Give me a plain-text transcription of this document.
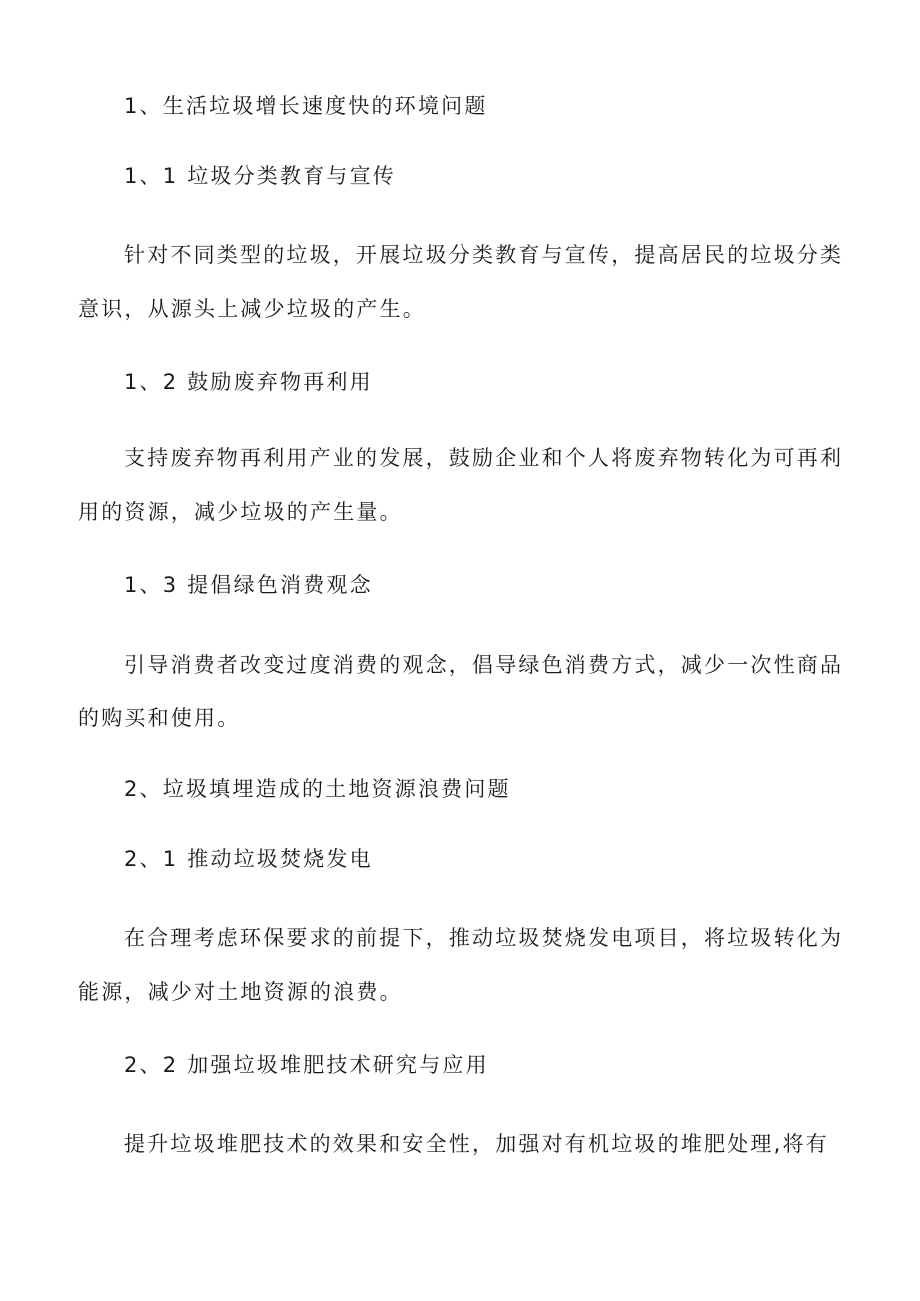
1、生活垃圾增长速度快的环境问题
1、1 垃圾分类教育与宣传
针对不同类型的垃圾，开展垃圾分类教育与宣传，提高居民的垃圾分类
意识，从源头上减少垃圾的产生。
1、2 鼓励废弃物再利用
支持废弃物再利用产业的发展，鼓励企业和个人将废弃物转化为可再利
用的资源，减少垃圾的产生量。
1、3 提倡绿色消费观念
引导消费者改变过度消费的观念，倡导绿色消费方式，减少一次性商品
的购买和使用。
2、垃圾填埋造成的土地资源浪费问题
2、1 推动垃圾焚烧发电
在合理考虑环保要求的前提下，推动垃圾焚烧发电项目，将垃圾转化为
能源，减少对土地资源的浪费。
2、2 加强垃圾堆肥技术研究与应用
提升垃圾堆肥技术的效果和安全性，加强对有机垃圾的堆肥处理,将有
